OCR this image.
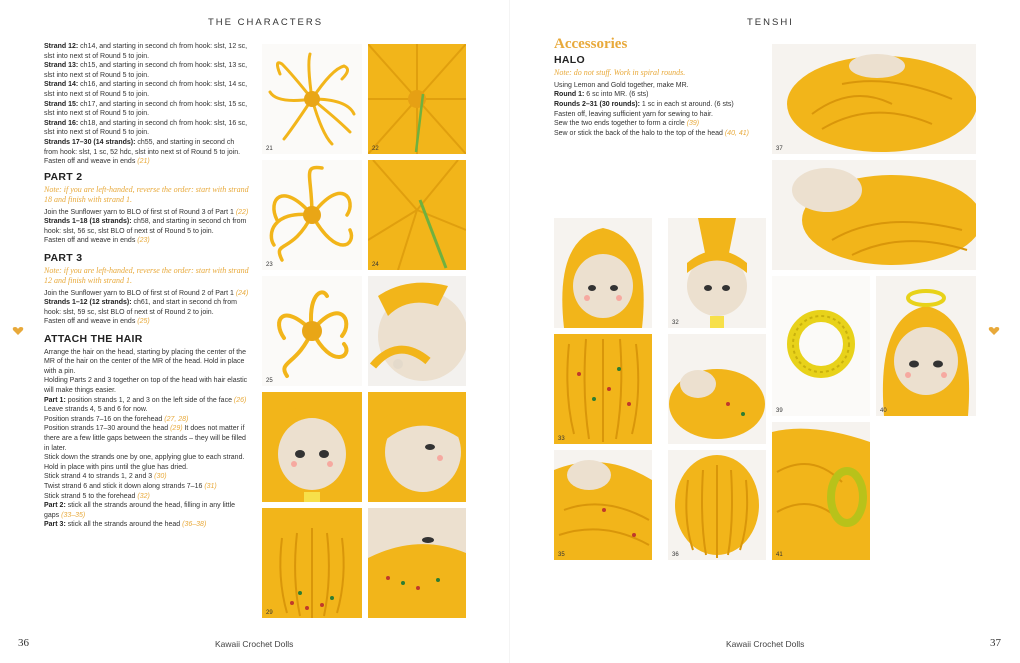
THE CHARACTERS

Strand 12: ch14, and starting in second ch from hook: slst, 12 sc, slst into next st of Round 5 to join.

Strand 13: ch15, and starting in second ch from hook: slst, 13 sc, slst into next st of Round 5 to join.

Strand 14: ch16, and starting in second ch from hook: slst, 14 sc, slst into next st of Round 5 to join.

Strand 15: ch17, and starting in second ch from hook: slst, 15 sc, slst into next st of Round 5 to join.

Strand 16: ch18, and starting in second ch from hook: slst, 16 sc, slst into next st of Round 5 to join.

Strands 17–30 (14 strands): ch55, and starting in second ch from hook: slst, 1 sc, 52 hdc, slst into next st of Round 5 to join.

Fasten off and weave in ends (21)

PART 2
Note: if you are left-handed, reverse the order: start with strand 18 and finish with strand 1.

Join the Sunflower yarn to BLO of first st of Round 3 of Part 1 (22)

Strands 1–18 (18 strands): ch58, and starting in second ch from hook: slst, 56 sc, slst BLO of next st of Round 5 to join.

Fasten off and weave in ends (23)

PART 3
Note: if you are left-handed, reverse the order: start with strand 12 and finish with strand 1.

Join the Sunflower yarn to BLO of first st of Round 2 of Part 1 (24)

Strands 1–12 (12 strands): ch61, and start in second ch from hook: slst, 59 sc, slst BLO of next st of Round 2 to join.

Fasten off and weave in ends (25)

ATTACH THE HAIR

Arrange the hair on the head, starting by placing the center of the MR of the hair on the center of the MR of the head. Hold in place with a pin.

Holding Parts 2 and 3 together on top of the head with hair elastic will make things easier.

Part 1: position strands 1, 2 and 3 on the left side of the face (26)

Leave strands 4, 5 and 6 for now.

Position strands 7–16 on the forehead (27, 28)

Position strands 17–30 around the head (29) It does not matter if there are a few little gaps between the strands – they will be filled in later.

Stick down the strands one by one, applying glue to each strand. Hold in place with pins until the glue has dried.

Stick strand 4 to strands 1, 2 and 3 (30)

Twist strand 6 and stick it down along strands 7–16 (31)

Stick strand 5 to the forehead (32)

Part 2: stick all the strands around the head, filling in any little gaps (33–35)

Part 3: stick all the strands around the head (36–38)

21	22
23	24
25
29
36	Kawaii Crochet Dolls
TENSHI
Accessories
HALO
Note: do not stuff. Work in spiral rounds.

Using Lemon and Gold together, make MR.

Round 1: 6 sc into MR. (6 sts)

Rounds 2–31 (30 rounds): 1 sc in each st around. (6 sts)

Fasten off, leaving sufficient yarn for sewing to hair.

Sew the two ends together to form a circle (39)

Sew or stick the back of the halo to the top of the head (40, 41)

37
32
33
35	36
39	40
41
Kawaii Crochet Dolls	37
